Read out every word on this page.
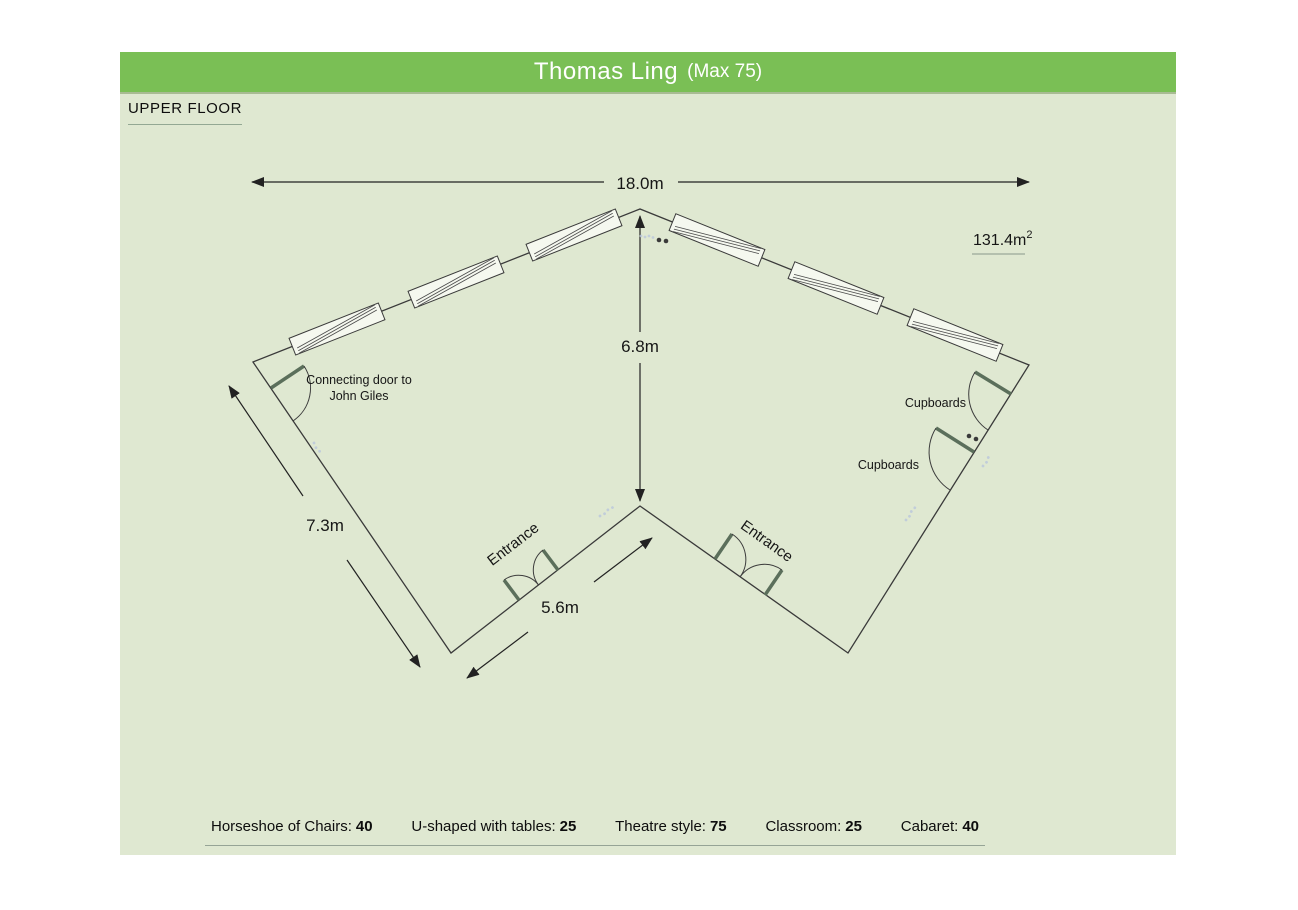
Thomas Ling (Max 75)
UPPER FLOOR
18.0m
6.8m
7.3m
5.6m
$131.4m^2$
Connecting door to
John Giles
Entrance	Entrance
Cupboards
Cupboards
Horseshoe of Chairs: 40	U-shaped with tables: 25	Theatre style: 75	Classroom: 25	Cabaret: 40
